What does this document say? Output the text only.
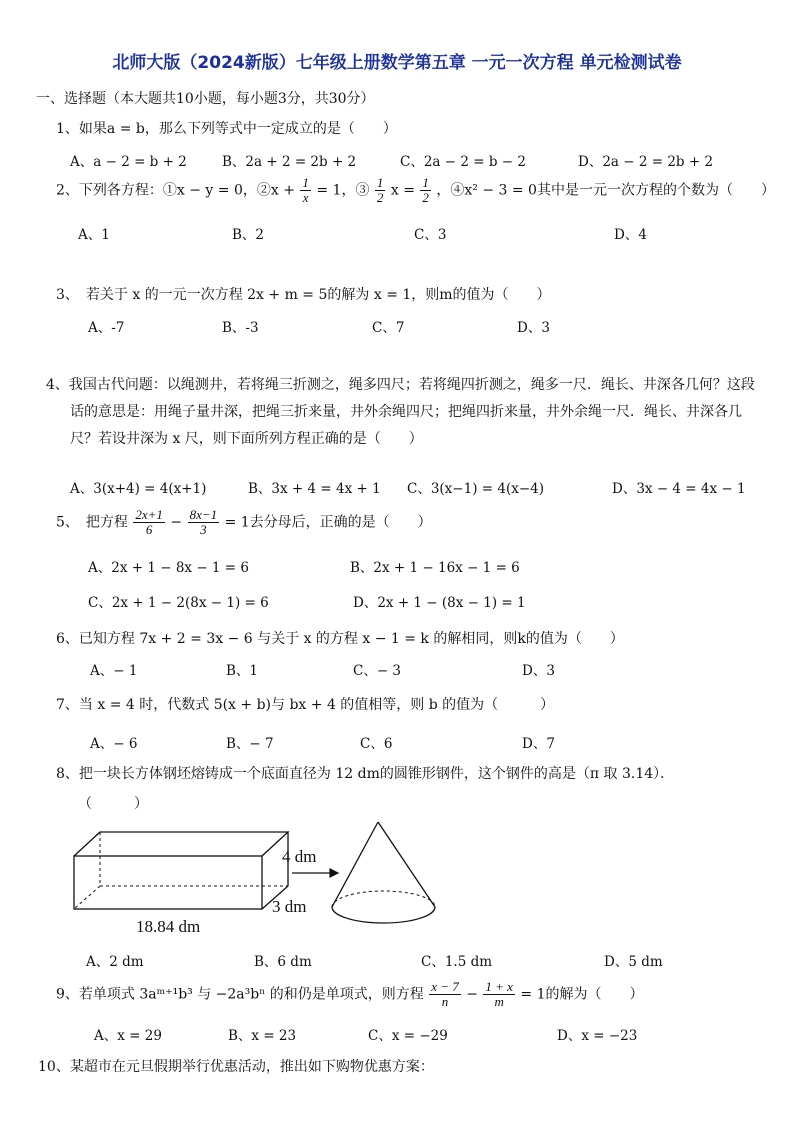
北师大版（2024新版）七年级上册数学第五章 一元一次方程 单元检测试卷
一、选择题（本大题共10小题，每小题3分，共30分）
1、如果a = b，那么下列等式中一定成立的是（　　）
A、a − 2 = b + 2	B、2a + 2 = 2b + 2	C、2a − 2 = b − 2	D、2a − 2 = 2b + 2
2、下列各方程：①x − y = 0，②x + $\frac{1}{x} = 1$，③ $\frac{1}{2}$ $x = \frac{1}{2}$ ，④x² − 3 = 0其中是一元一次方程的个数为（　　）
A、1	B、2	C、3	D、4
3、　若关于 x 的一元一次方程 2x + m = 5的解为 x = 1，则m的值为（　　）
A、-7	B、-3	C、7	D、3
4、我国古代问题：以绳测井，若将绳三折测之，绳多四尺；若将绳四折测之，绳多一尺．绳长、井深各几何？这段话的意思是：用绳子量井深，把绳三折来量，井外余绳四尺；把绳四折来量，井外余绳一尺．绳长、井深各几尺？若设井深为 x 尺，则下面所列方程正确的是（　　）
A、3(x+4) = 4(x+1)	B、3x + 4 = 4x + 1 C、3(x−1) = 4(x−4)	D、3x − 4 = 4x − 1
5、　把方程 $\frac{2x+1}{6} - \frac{8x-1}{3} = 1$去分母后，正确的是（　　）
A、2x + 1 − 8x − 1 = 6	B、2x + 1 − 16x − 1 = 6
C、2x + 1 − 2(8x − 1) = 6	D、2x + 1 − (8x − 1) = 1
6、已知方程 7x + 2 = 3x − 6 与关于 x 的方程 x − 1 = k 的解相同，则k的值为（　　）
A、− 1	B、1	C、− 3	D、3
7、当 x = 4 时，代数式 5(x + b)与 bx + 4 的值相等，则 b 的值为（　　　）
A、− 6	B、− 7	C、6	D、7
8、把一块长方体钢坯熔铸成一个底面直径为 12 dm的圆锥形钢件，这个钢件的高是（π 取 3.14）．
（　　　）
4 dm
3 dm
18.84 dm
A、2 dm	B、6 dm	C、1.5 dm	D、5 dm
9、若单项式 3aᵐ⁺¹b³ 与 −2a³bⁿ 的和仍是单项式，则方程 $\frac{x - 7}{n} - \frac{1 + x}{m} = 1$的解为（　　）
A、x = 29	B、x = 23	C、x = −29	D、x = −23
10、某超市在元旦假期举行优惠活动，推出如下购物优惠方案：
